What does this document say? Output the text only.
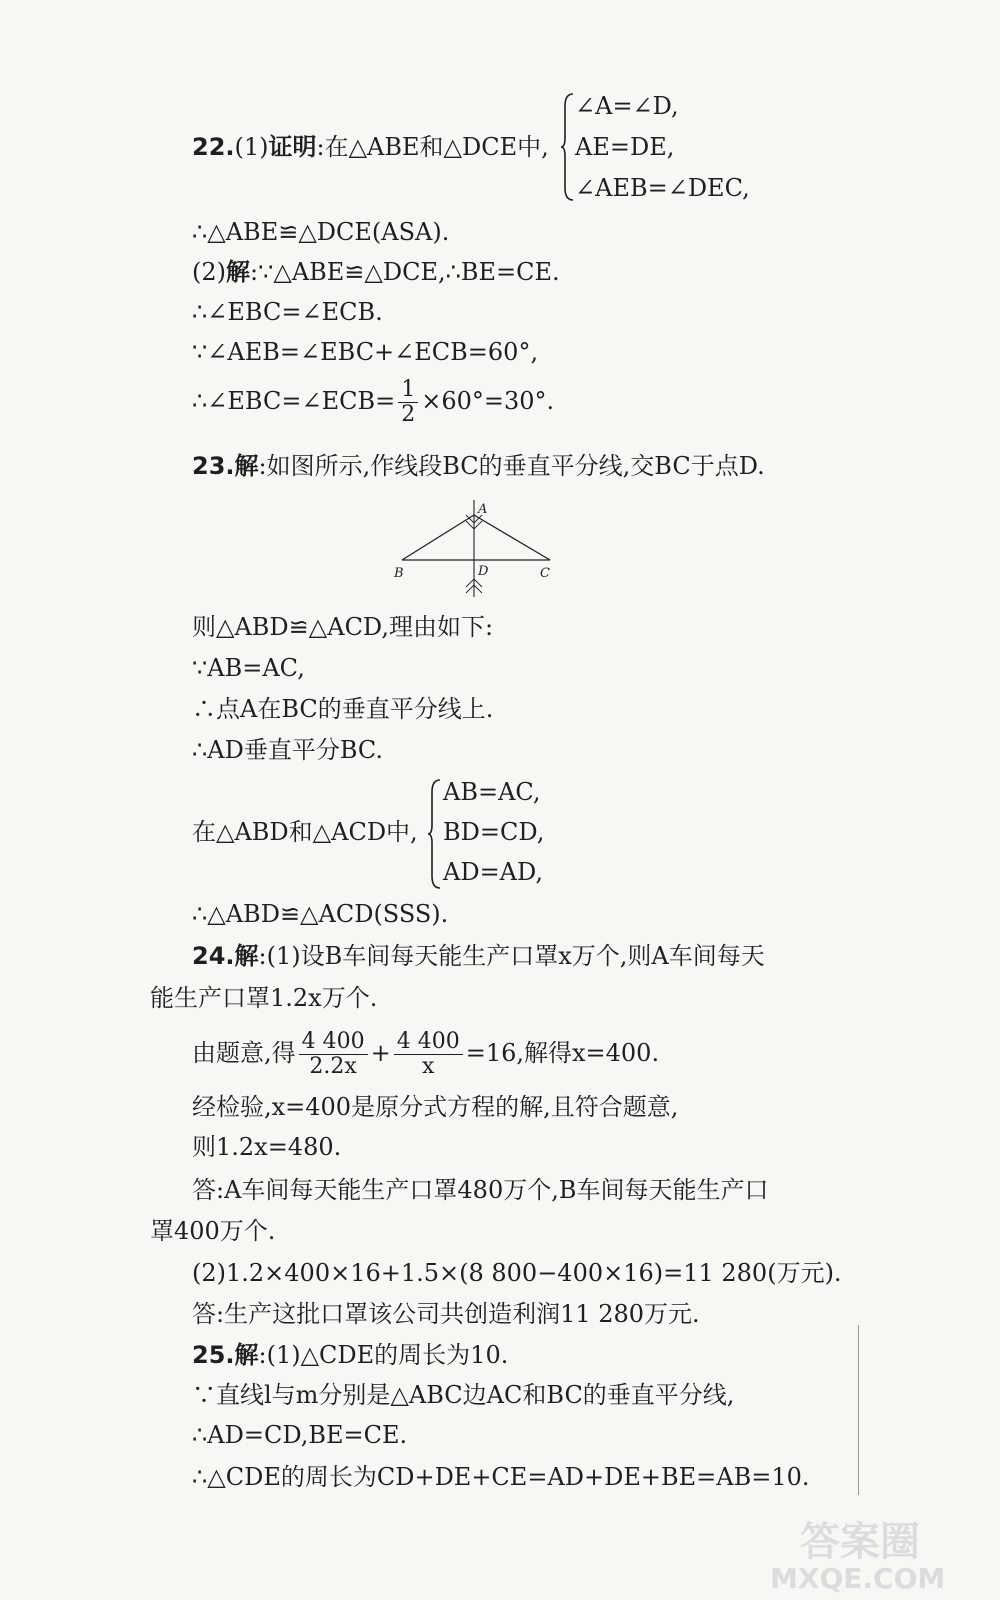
22.(1)证明:在△ABE和△DCE中,
∠A=∠D,
AE=DE,
∠AEB=∠DEC,
∴△ABE≌△DCE(ASA).
(2)解:∵△ABE≌△DCE,∴BE=CE.
∴∠EBC=∠ECB.
∵∠AEB=∠EBC+∠ECB=60°,
∴∠EBC=∠ECB= $\frac{1}{2} \times 60^\circ=30^\circ$.
23.解:如图所示,作线段BC的垂直平分线,交BC于点D.
A
B	C
D
则△ABD≌△ACD,理由如下:
∵AB=AC,
∴点A在BC的垂直平分线上.
∴AD垂直平分BC.
在△ABD和△ACD中,
AB=AC,
BD=CD,
AD=AD,
∴△ABD≌△ACD(SSS).
24.解:(1)设B车间每天能生产口罩x万个,则A车间每天
能生产口罩1.2x万个.
由题意,得 $\frac{4 400}{2.2x} + \frac{4 400}{x} =16$,解得x=400.
经检验,x=400是原分式方程的解,且符合题意,
则1.2x=480.
答:A车间每天能生产口罩480万个,B车间每天能生产口
罩400万个.
(2)1.2×400×16+1.5×(8 800−400×16)=11 280(万元).
答:生产这批口罩该公司共创造利润11 280万元.
25.解:(1)△CDE的周长为10.
∵直线l与m分别是△ABC边AC和BC的垂直平分线,
∴AD=CD,BE=CE.
∴△CDE的周长为CD+DE+CE=AD+DE+BE=AB=10.
答案圈
MXQE.COM
